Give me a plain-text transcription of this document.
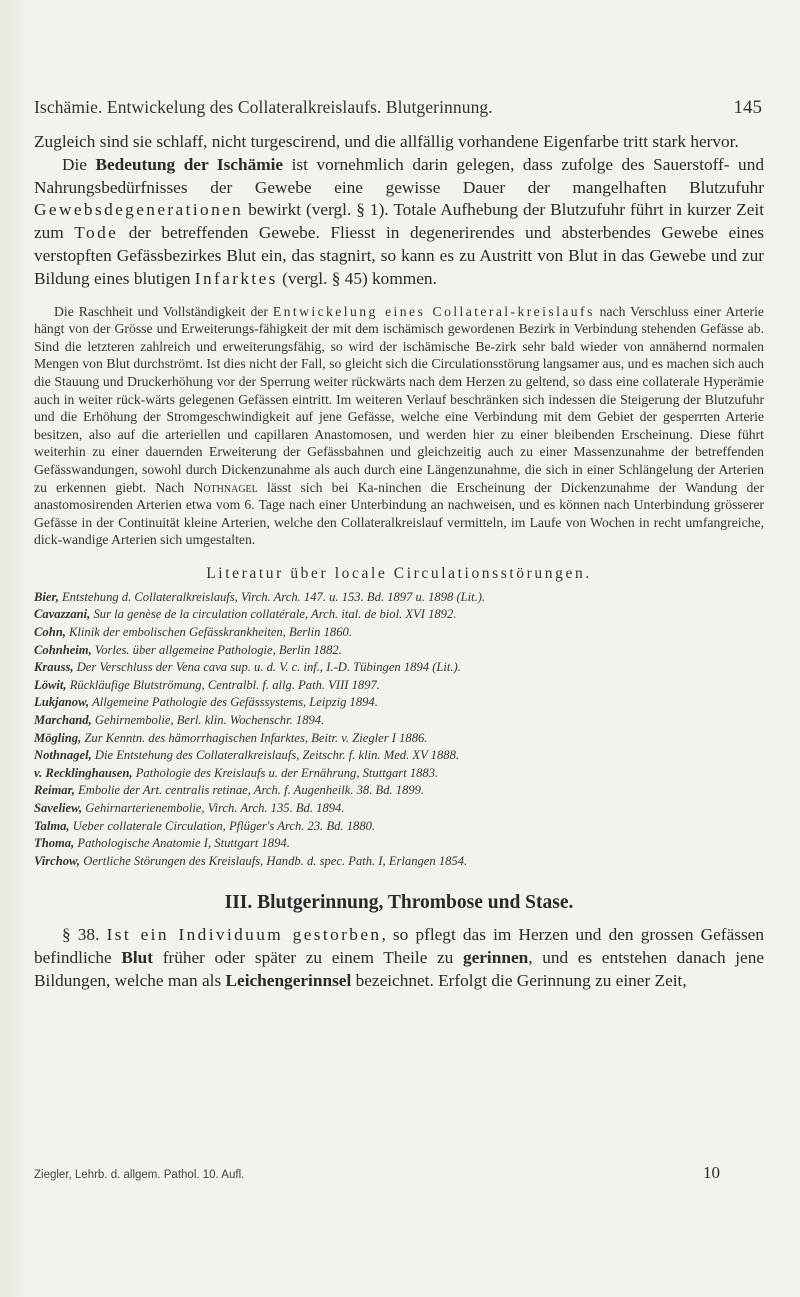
Ischämie. Entwickelung des Collateralkreislaufs. Blutgerinnung.	145

Zugleich sind sie schlaff, nicht turgescirend, und die allfällig vorhandene Eigenfarbe tritt stark hervor.

Die Bedeutung der Ischämie ist vornehmlich darin gelegen, dass zufolge des Sauerstoff- und Nahrungsbedürfnisses der Gewebe eine gewisse Dauer der mangelhaften Blutzufuhr Gewebsdegenerationen bewirkt (vergl. § 1). Totale Aufhebung der Blutzufuhr führt in kurzer Zeit zum Tode der betreffenden Gewebe. Fliesst in degenerirendes und absterbendes Gewebe eines verstopften Gefässbezirkes Blut ein, das stagnirt, so kann es zu Austritt von Blut in das Gewebe und zur Bildung eines blutigen Infarktes (vergl. § 45) kommen.

Die Raschheit und Vollständigkeit der Entwickelung eines Collateral-kreislaufs nach Verschluss einer Arterie hängt von der Grösse und Erweiterungs-fähigkeit der mit dem ischämisch gewordenen Bezirk in Verbindung stehenden Gefässe ab. Sind die letzteren zahlreich und erweiterungsfähig, so wird der ischämische Be-zirk sehr bald wieder von annähernd normalen Mengen von Blut durchströmt. Ist dies nicht der Fall, so gleicht sich die Circulationsstörung langsamer aus, und es machen sich auch die Stauung und Druckerhöhung vor der Sperrung weiter rückwärts nach dem Herzen zu geltend, so dass eine collaterale Hyperämie auch in weiter rück-wärts gelegenen Gefässen eintritt. Im weiteren Verlauf beschränken sich indessen die Steigerung der Blutzufuhr und die Erhöhung der Stromgeschwindigkeit auf jene Gefässe, welche eine Verbindung mit dem Gebiet der gesperrten Arterie besitzen, also auf die arteriellen und capillaren Anastomosen, und werden hier zu einer bleibenden Erscheinung. Diese führt weiterhin zu einer dauernden Erweiterung der Gefässbahnen und gleichzeitig auch zu einer Massenzunahme der betreffenden Gefässwandungen, sowohl durch Dickenzunahme als auch durch eine Längenzunahme, die sich in einer Schlängelung der Arterien zu erkennen giebt. Nach Nothnagel lässt sich bei Ka-ninchen die Erscheinung der Dickenzunahme der Wandung der anastomosirenden Arterien etwa vom 6. Tage nach einer Unterbindung an nachweisen, und es können nach Unterbindung grösserer Gefässe in der Continuität kleine Arterien, welche den Collateralkreislauf vermitteln, im Laufe von Wochen in recht umfangreiche, dick-wandige Arterien sich umgestalten.

Literatur über locale Circulationsstörungen.
Bier, Entstehung d. Collateralkreislaufs, Virch. Arch. 147. u. 153. Bd. 1897 u. 1898 (Lit.).
Cavazzani, Sur la genèse de la circulation collatérale, Arch. ital. de biol. XVI 1892.
Cohn, Klinik der embolischen Gefässkrankheiten, Berlin 1860.
Cohnheim, Vorles. über allgemeine Pathologie, Berlin 1882.
Krauss, Der Verschluss der Vena cava sup. u. d. V. c. inf., I.-D. Tübingen 1894 (Lit.).
Löwit, Rückläufige Blutströmung, Centralbl. f. allg. Path. VIII 1897.
Lukjanow, Allgemeine Pathologie des Gefässsystems, Leipzig 1894.
Marchand, Gehirnembolie, Berl. klin. Wochenschr. 1894.
Mögling, Zur Kenntn. des hämorrhagischen Infarktes, Beitr. v. Ziegler I 1886.
Nothnagel, Die Entstehung des Collateralkreislaufs, Zeitschr. f. klin. Med. XV 1888.
v. Recklinghausen, Pathologie des Kreislaufs u. der Ernährung, Stuttgart 1883.
Reimar, Embolie der Art. centralis retinae, Arch. f. Augenheilk. 38. Bd. 1899.
Saveliew, Gehirnarterienembolie, Virch. Arch. 135. Bd. 1894.
Talma, Ueber collaterale Circulation, Pflüger's Arch. 23. Bd. 1880.
Thoma, Pathologische Anatomie I, Stuttgart 1894.
Virchow, Oertliche Störungen des Kreislaufs, Handb. d. spec. Path. I, Erlangen 1854.
III. Blutgerinnung, Thrombose und Stase.

§ 38. Ist ein Individuum gestorben, so pflegt das im Herzen und den grossen Gefässen befindliche Blut früher oder später zu einem Theile zu gerinnen, und es entstehen danach jene Bildungen, welche man als Leichengerinnsel bezeichnet. Erfolgt die Gerinnung zu einer Zeit,

Ziegler, Lehrb. d. allgem. Pathol. 10. Aufl.	10
